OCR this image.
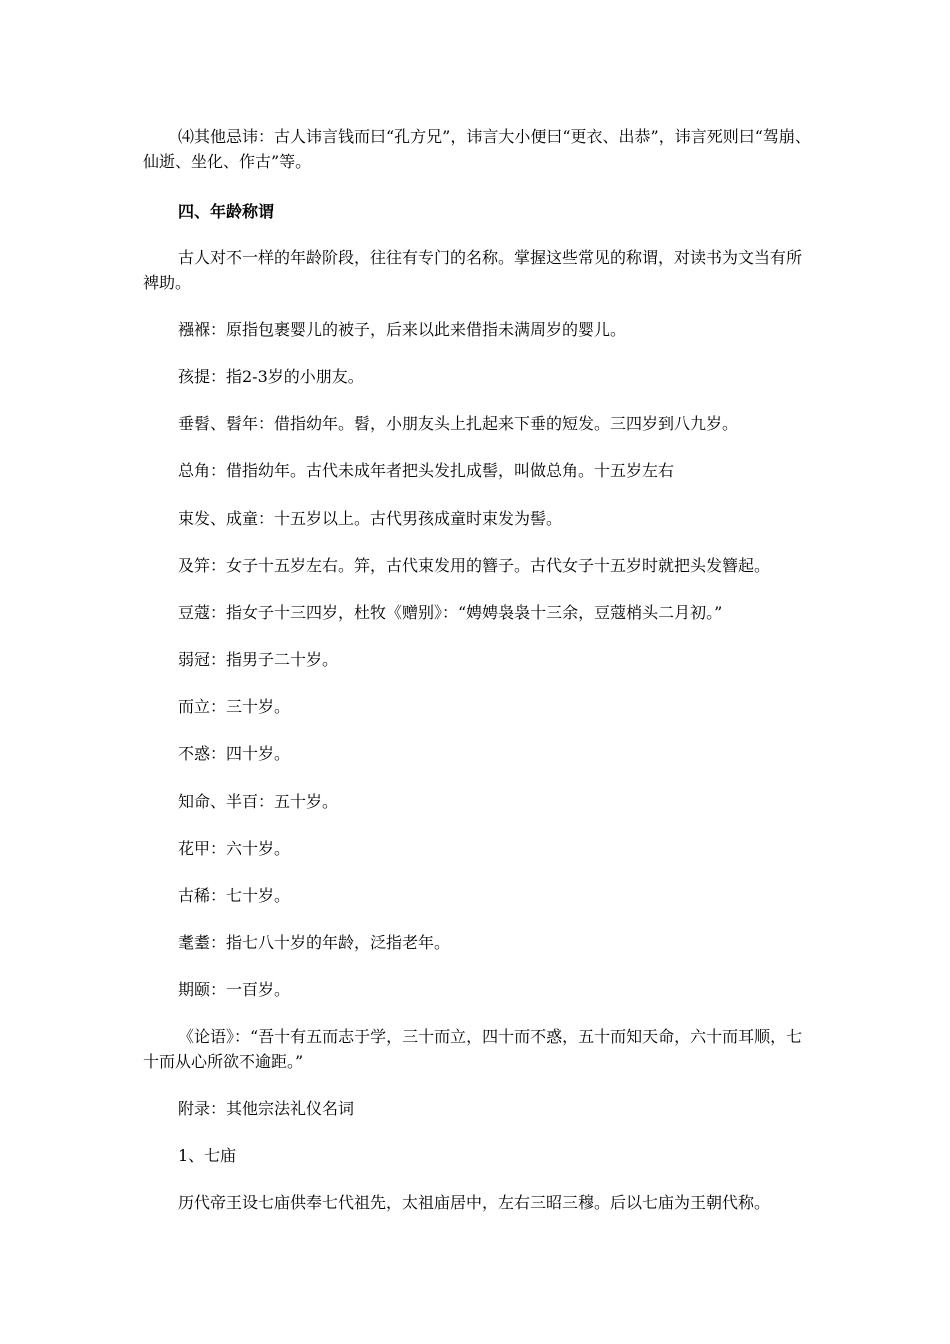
⑷其他忌讳：古人讳言钱而曰“孔方兄”，讳言大小便曰“更衣、出恭”，讳言死则曰“驾崩、仙逝、坐化、作古”等。
四、年龄称谓
古人对不一样的年龄阶段，往往有专门的名称。掌握这些常见的称谓，对读书为文当有所裨助。
襁褓：原指包裹婴儿的被子，后来以此来借指未满周岁的婴儿。
孩提：指2-3岁的小朋友。
垂髫、髫年：借指幼年。髫，小朋友头上扎起来下垂的短发。三四岁到八九岁。
总角：借指幼年。古代未成年者把头发扎成髻，叫做总角。十五岁左右
束发、成童：十五岁以上。古代男孩成童时束发为髻。
及笄：女子十五岁左右。笄，古代束发用的簪子。古代女子十五岁时就把头发簪起。
豆蔻：指女子十三四岁，杜牧《赠别》：“娉娉袅袅十三余，豆蔻梢头二月初。”
弱冠：指男子二十岁。
而立：三十岁。
不惑：四十岁。
知命、半百：五十岁。
花甲：六十岁。
古稀：七十岁。
耄耋：指七八十岁的年龄，泛指老年。
期颐：一百岁。
《论语》：“吾十有五而志于学，三十而立，四十而不惑，五十而知天命，六十而耳顺，七十而从心所欲不逾距。”
附录：其他宗法礼仪名词
1、七庙
历代帝王设七庙供奉七代祖先，太祖庙居中，左右三昭三穆。后以七庙为王朝代称。
